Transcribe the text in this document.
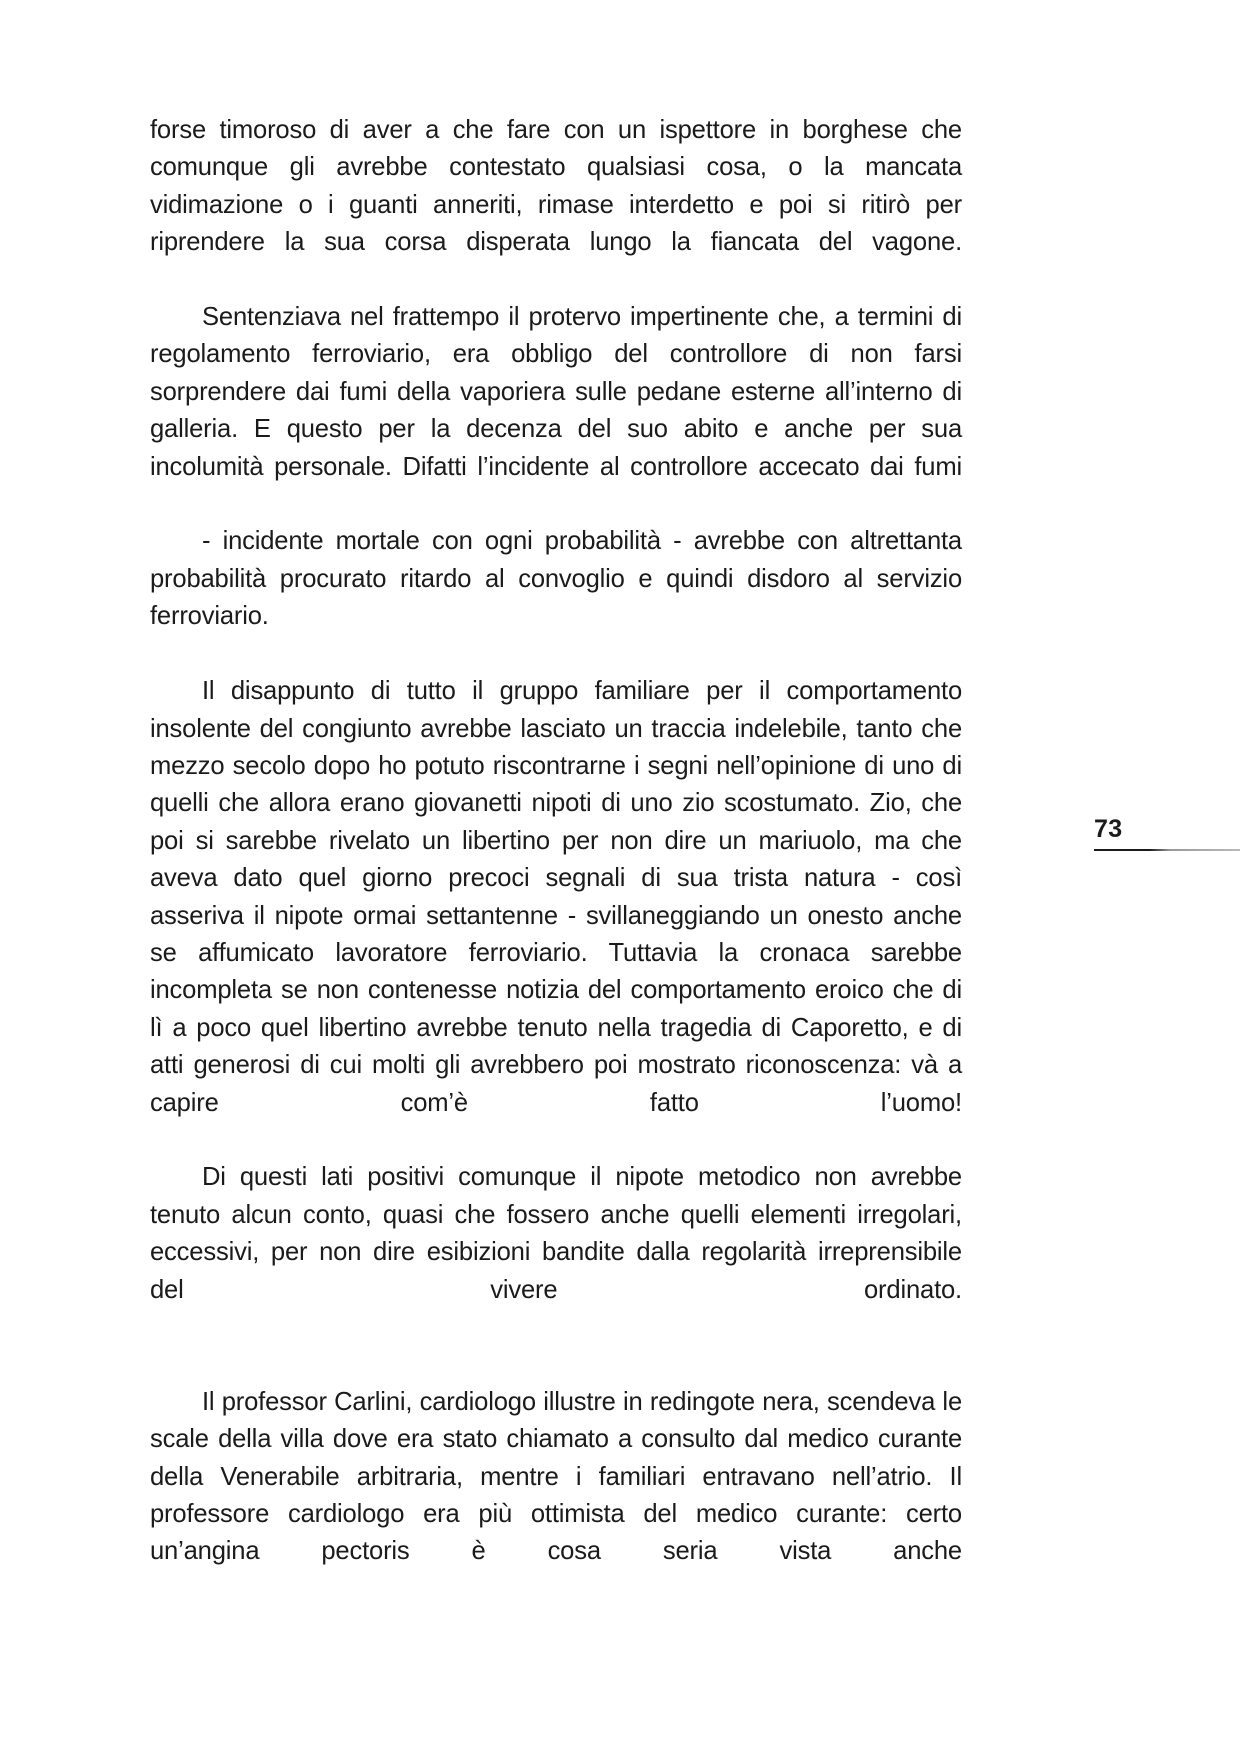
forse timoroso di aver a che fare con un ispettore in borghese che comunque gli avrebbe contestato qualsiasi cosa, o la mancata vidimazione o i guanti anneriti, rimase interdetto e poi si ritirò per riprendere la sua corsa disperata lungo la fiancata del vagone.

Sentenziava nel frattempo il protervo impertinente che, a termini di regolamento ferroviario, era obbligo del controllore di non farsi sorprendere dai fumi della vaporiera sulle pedane esterne all’interno di galleria. E questo per la decenza del suo abito e anche per sua incolumità personale. Difatti l’incidente al controllore accecato dai fumi

- incidente mortale con ogni probabilità - avrebbe con altrettanta probabilità procurato ritardo al convoglio e quindi disdoro al servizio ferroviario.

Il disappunto di tutto il gruppo familiare per il comportamento insolente del congiunto avrebbe lasciato un traccia indelebile, tanto che mezzo secolo dopo ho potuto riscontrarne i segni nell’opinione di uno di quelli che allora erano giovanetti nipoti di uno zio scostumato. Zio, che poi si sarebbe rivelato un libertino per non dire un mariuolo, ma che aveva dato quel giorno precoci segnali di sua trista natura - così asseriva il nipote ormai settantenne - svillaneggiando un onesto anche se affumicato lavoratore ferroviario. Tuttavia la cronaca sarebbe incompleta se non contenesse notizia del comportamento eroico che di lì a poco quel libertino avrebbe tenuto nella tragedia di Caporetto, e di atti generosi di cui molti gli avrebbero poi mostrato riconoscenza: và a capire com’è fatto l’uomo!

Di questi lati positivi comunque il nipote metodico non avrebbe tenuto alcun conto, quasi che fossero anche quelli elementi irregolari, eccessivi, per non dire esibizioni bandite dalla regolarità irreprensibile del vivere ordinato.

Il professor Carlini, cardiologo illustre in redingote nera, scendeva le scale della villa dove era stato chiamato a consulto dal medico curante della Venerabile arbitraria, mentre i familiari entravano nell’atrio. Il professore cardiologo era più ottimista del medico curante: certo un’angina pectoris è cosa seria vista anche

73
